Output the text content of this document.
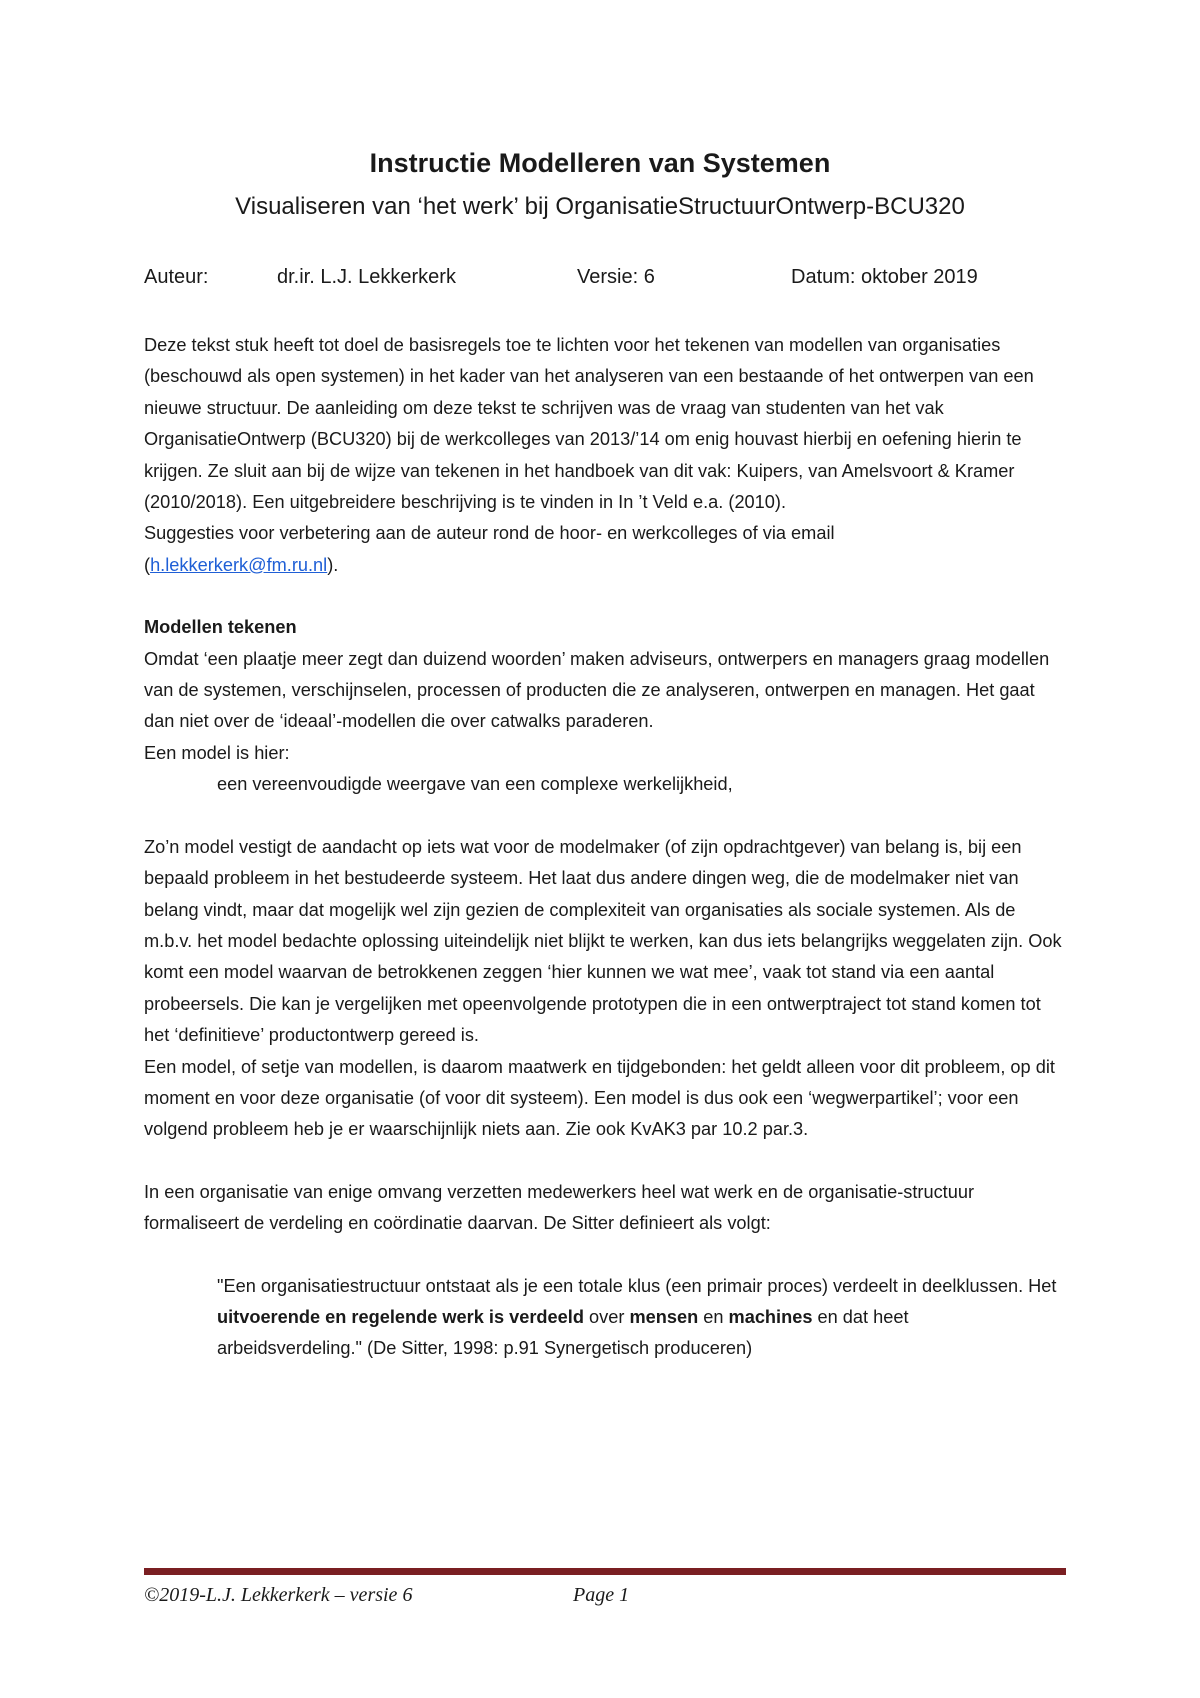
Instructie Modelleren van Systemen
Visualiseren van ‘het werk’ bij OrganisatieStructuurOntwerp-BCU320
Auteur:	dr.ir. L.J. Lekkerkerk	Versie: 6	Datum: oktober 2019

Deze tekst stuk heeft tot doel de basisregels toe te lichten voor het tekenen van modellen van organisaties (beschouwd als open systemen) in het kader van het analyseren van een bestaande of het ontwerpen van een nieuwe structuur. De aanleiding om deze tekst te schrijven was de vraag van studenten van het vak OrganisatieOntwerp (BCU320) bij de werkcolleges van 2013/’14 om enig houvast hierbij en oefening hierin te krijgen. Ze sluit aan bij de wijze van tekenen in het handboek van dit vak: Kuipers, van Amelsvoort & Kramer (2010/2018). Een uitgebreidere beschrijving is te vinden in In ’t Veld e.a. (2010).

Suggesties voor verbetering aan de auteur rond de hoor- en werkcolleges of via email
(h.lekkerkerk@fm.ru.nl).

Modellen tekenen

Omdat ‘een plaatje meer zegt dan duizend woorden’ maken adviseurs, ontwerpers en managers graag modellen van de systemen, verschijnselen, processen of producten die ze analyseren, ontwerpen en managen. Het gaat dan niet over de ‘ideaal’-modellen die over catwalks paraderen.

Een model is hier:

een vereenvoudigde weergave van een complexe werkelijkheid,

Zo’n model vestigt de aandacht op iets wat voor de modelmaker (of zijn opdrachtgever) van belang is, bij een bepaald probleem in het bestudeerde systeem. Het laat dus andere dingen weg, die de modelmaker niet van belang vindt, maar dat mogelijk wel zijn gezien de complexiteit van organisaties als sociale systemen. Als de m.b.v. het model bedachte oplossing uiteindelijk niet blijkt te werken, kan dus iets belangrijks weggelaten zijn. Ook komt een model waarvan de betrokkenen zeggen ‘hier kunnen we wat mee’, vaak tot stand via een aantal probeersels. Die kan je vergelijken met opeenvolgende prototypen die in een ontwerptraject tot stand komen tot het ‘definitieve’ productontwerp gereed is.

Een model, of setje van modellen, is daarom maatwerk en tijdgebonden: het geldt alleen voor dit probleem, op dit moment en voor deze organisatie (of voor dit systeem). Een model is dus ook een ‘wegwerpartikel’; voor een volgend probleem heb je er waarschijnlijk niets aan. Zie ook KvAK3 par 10.2 par.3.

In een organisatie van enige omvang verzetten medewerkers heel wat werk en de organisatie-structuur formaliseert de verdeling en coördinatie daarvan. De Sitter definieert als volgt:

"Een organisatiestructuur ontstaat als je een totale klus (een primair proces) verdeelt in deelklussen. Het uitvoerende en regelende werk is verdeeld over mensen en machines en dat heet arbeidsverdeling." (De Sitter, 1998: p.91 Synergetisch produceren)

©2019-L.J. Lekkerkerk – versie 6	Page 1
